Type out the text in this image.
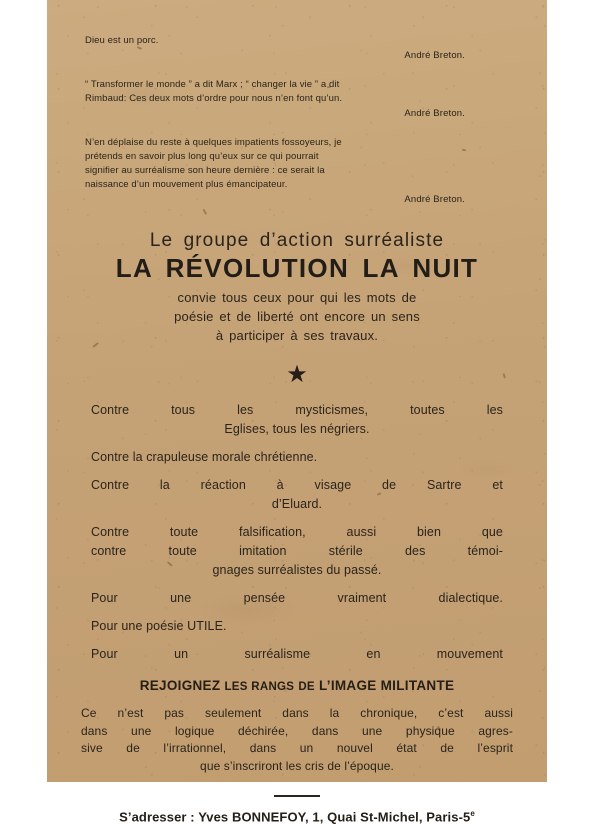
Dieu est un porc.
André Breton.
“ Transformer le monde ” a dit Marx ; “ changer la vie ” a dit
Rimbaud: Ces deux mots d’ordre pour nous n’en font qu’un.
André Breton.
N’en déplaise du reste à quelques impatients fossoyeurs, je
prétends en savoir plus long qu’eux sur ce qui pourrait
signifier au surréalisme son heure dernière : ce serait la
naissance d’un mouvement plus émancipateur.
André Breton.
Le groupe d’action surréaliste
LA RÉVOLUTION LA NUIT
convie tous ceux pour qui les mots de
poésie et de liberté ont encore un sens
à participer à ses travaux.
★
Contre tous les mysticismes, toutes les
Eglises, tous les négriers.
Contre la crapuleuse morale chrétienne.
Contre la réaction à visage de Sartre et
d’Eluard.
Contre toute falsification, aussi bien que
contre toute imitation stérile des témoi-
gnages surréalistes du passé.
Pour une pensée vraiment dialectique.
Pour une poésie UTILE.
Pour un surréalisme en mouvement
REJOIGNEZ LES RANGS DE L’IMAGE MILITANTE
Ce n’est pas seulement dans la chronique, c’est aussi
dans une logique déchirée, dans une physique agres-
sive de l’irrationnel, dans un nouvel état de l’esprit
que s’inscriront les cris de l’époque.
S’adresser : Yves BONNEFOY, 1, Quai St-Michel, Paris-5e
